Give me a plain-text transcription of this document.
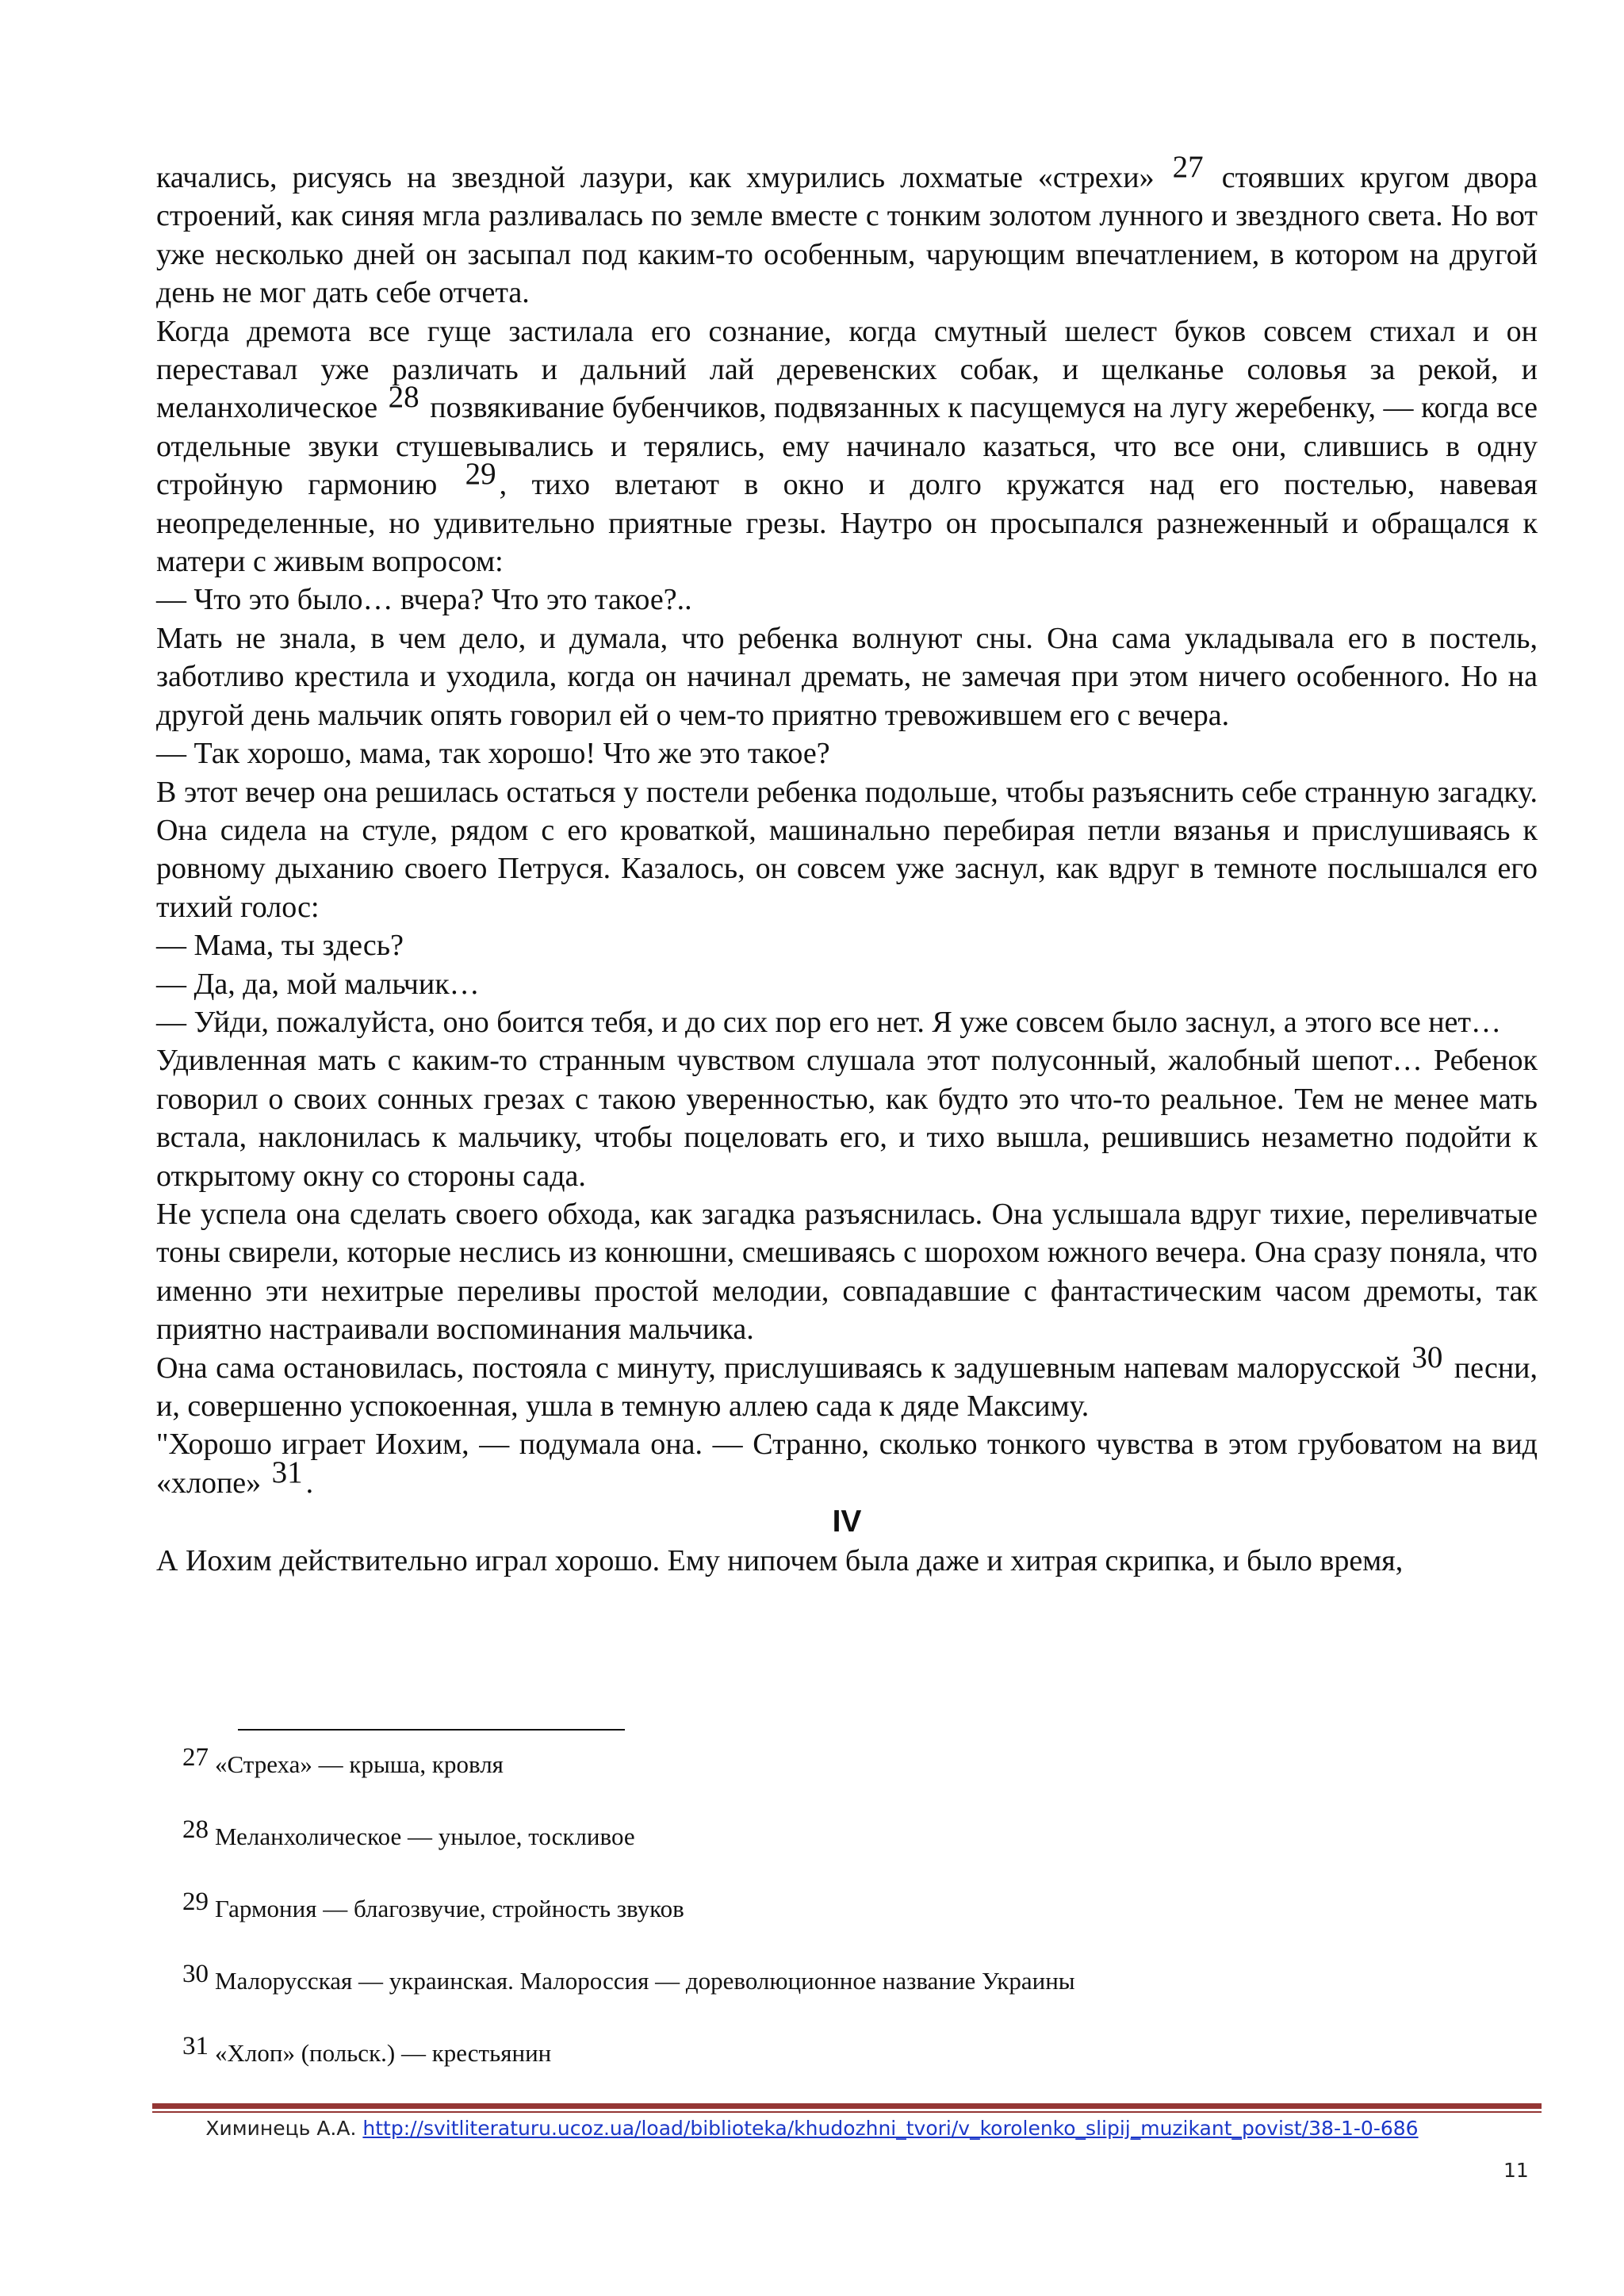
качались, рисуясь на звездной лазури, как хмурились лохматые «стрехи» 27 стоявших кругом двора строений, как синяя мгла разливалась по земле вместе с тонким золотом лунного и звездного света. Но вот уже несколько дней он засыпал под каким-то особенным, чарующим впечатлением, в котором на другой день не мог дать себе отчета.

Когда дремота все гуще застилала его сознание, когда смутный шелест буков совсем стихал и он переставал уже различать и дальний лай деревенских собак, и щелканье соловья за рекой, и меланхолическое 28 позвякивание бубенчиков, подвязанных к пасущемуся на лугу жеребенку, — когда все отдельные звуки стушевывались и терялись, ему начинало казаться, что все они, слившись в одну стройную гармонию 29 , тихо влетают в окно и долго кружатся над его постелью, навевая неопределенные, но удивительно приятные грезы. Наутро он просыпался разнеженный и обращался к матери с живым вопросом:

— Что это было… вчера? Что это такое?..

Мать не знала, в чем дело, и думала, что ребенка волнуют сны. Она сама укладывала его в постель, заботливо крестила и уходила, когда он начинал дремать, не замечая при этом ничего особенного. Но на другой день мальчик опять говорил ей о чем-то приятно тревожившем его с вечера.

— Так хорошо, мама, так хорошо! Что же это такое?

В этот вечер она решилась остаться у постели ребенка подольше, чтобы разъяснить себе странную загадку. Она сидела на стуле, рядом с его кроваткой, машинально перебирая петли вязанья и прислушиваясь к ровному дыханию своего Петруся. Казалось, он совсем уже заснул, как вдруг в темноте послышался его тихий голос:

— Мама, ты здесь?

— Да, да, мой мальчик…

— Уйди, пожалуйста, оно боится тебя, и до сих пор его нет. Я уже совсем было заснул, а этого все нет…

Удивленная мать с каким-то странным чувством слушала этот полусонный, жалобный шепот… Ребенок говорил о своих сонных грезах с такою уверенностью, как будто это что-то реальное. Тем не менее мать встала, наклонилась к мальчику, чтобы поцеловать его, и тихо вышла, решившись незаметно подойти к открытому окну со стороны сада.

Не успела она сделать своего обхода, как загадка разъяснилась. Она услышала вдруг тихие, переливчатые тоны свирели, которые неслись из конюшни, смешиваясь с шорохом южного вечера. Она сразу поняла, что именно эти нехитрые переливы простой мелодии, совпадавшие с фантастическим часом дремоты, так приятно настраивали воспоминания мальчика.

Она сама остановилась, постояла с минуту, прислушиваясь к задушевным напевам малорусской 30 песни, и, совершенно успокоенная, ушла в темную аллею сада к дяде Максиму.

"Хорошо играет Иохим, — подумала она. — Странно, сколько тонкого чувства в этом грубоватом на вид «хлопе» 31 .

IV

А Иохим действительно играл хорошо. Ему нипочем была даже и хитрая скрипка, и было время,

27 «Стреха» — крыша, кровля

28 Меланхолическое — унылое, тоскливое

29 Гармония — благозвучие, стройность звуков

30 Малорусская — украинская. Малороссия — дореволюционное название Украины

31 «Хлоп» (польск.) — крестьянин

Химинець А.А. http://svitliteraturu.ucoz.ua/load/biblioteka/khudozhni_tvori/v_korolenko_slipij_muzikant_povist/38-1-0-686
11
